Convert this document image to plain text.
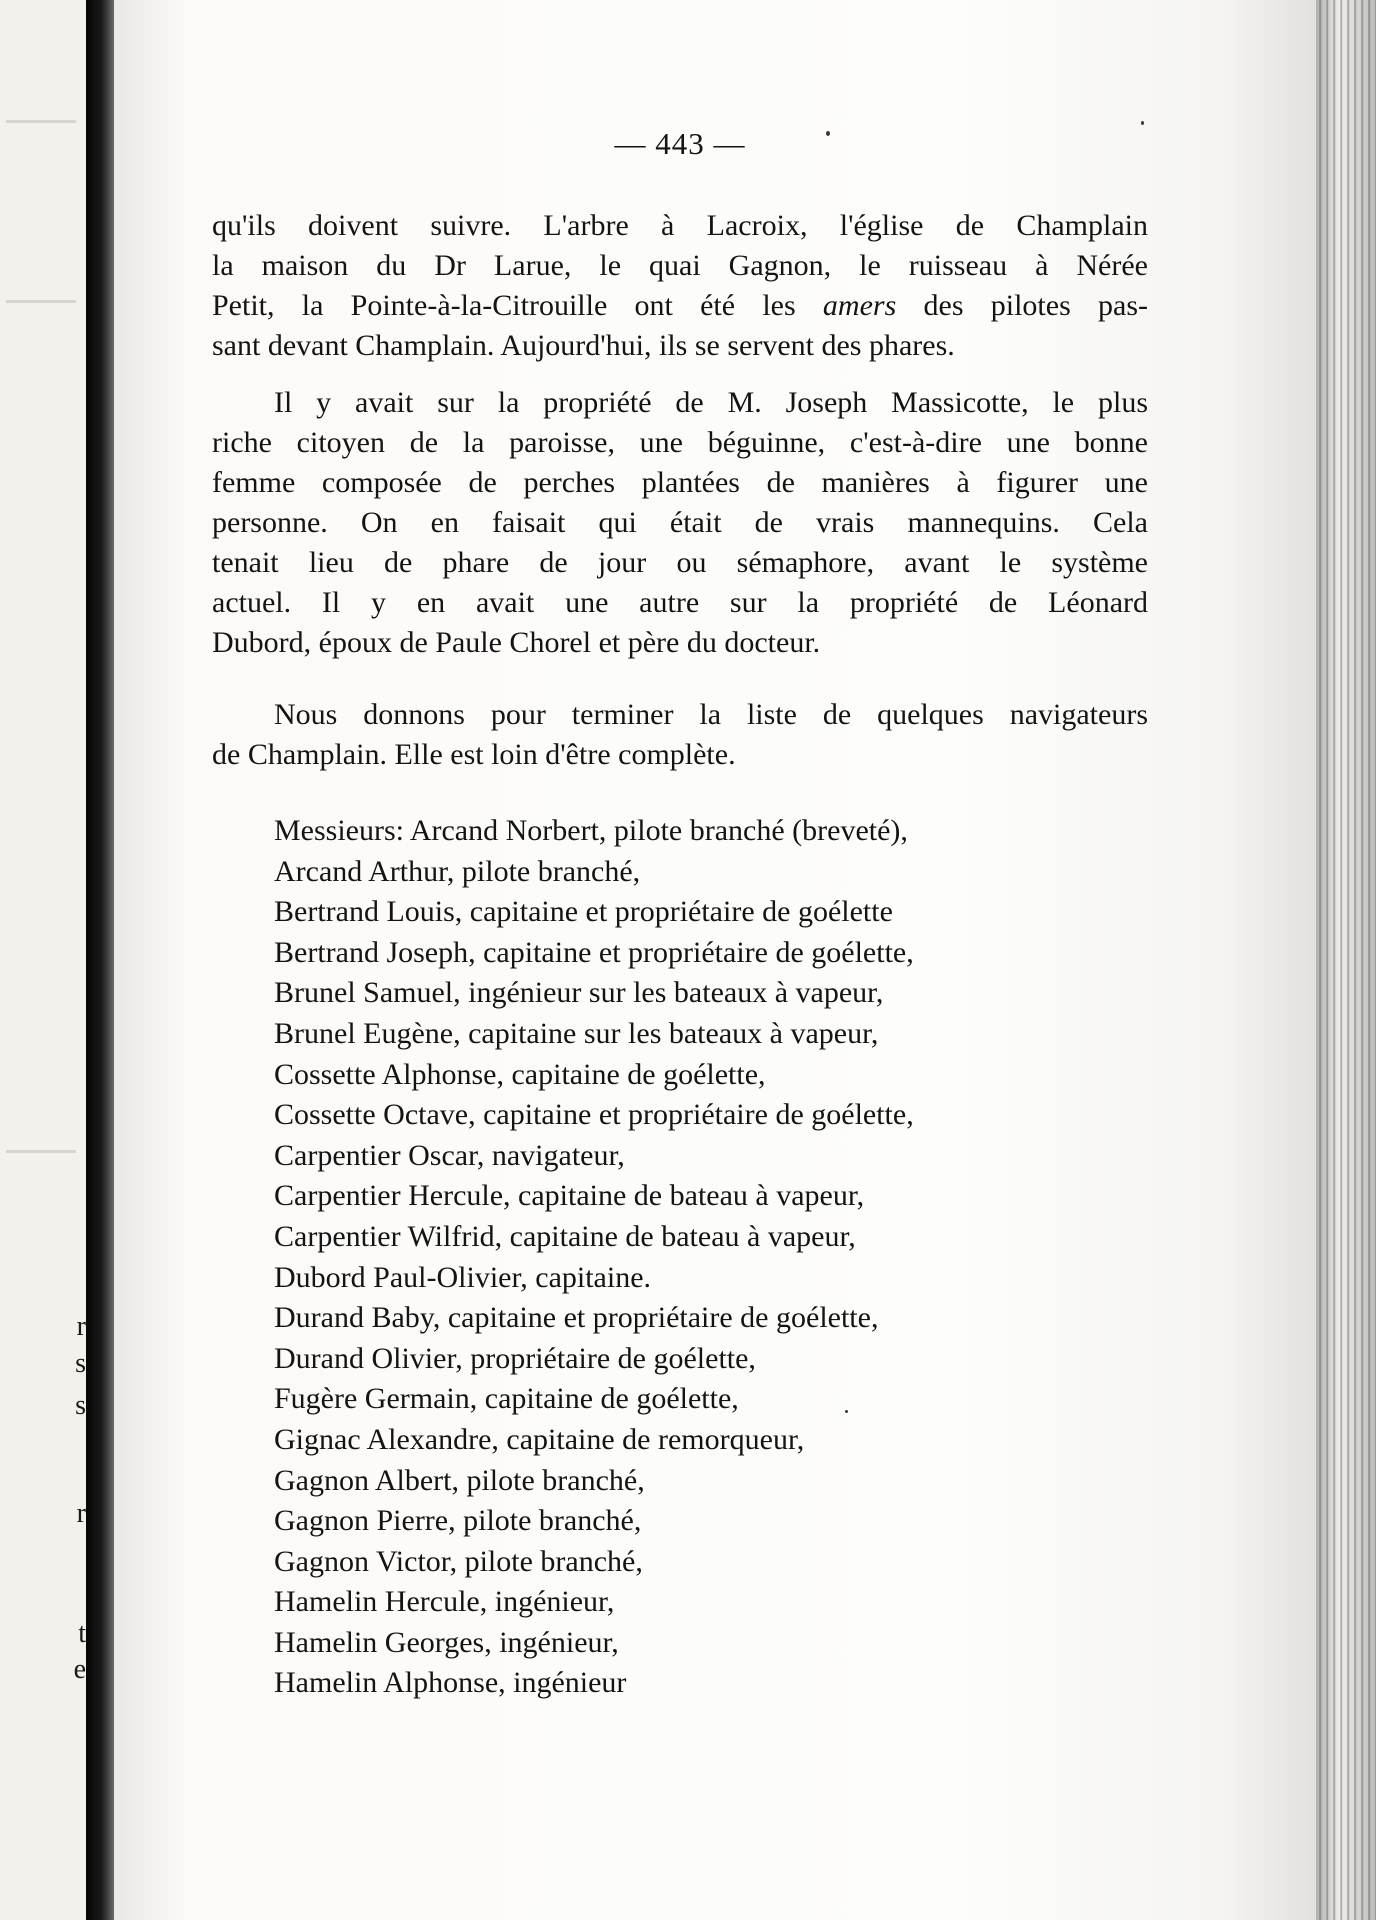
r
s
s
r
t
e
— 443 —

qu'ils doivent suivre. L'arbre à Lacroix, l'église de Champlain
la maison du Dr Larue, le quai Gagnon, le ruisseau à Nérée
Petit, la Pointe-à-la-Citrouille ont été les amers des pilotes pas-
sant devant Champlain. Aujourd'hui, ils se servent des phares.

Il y avait sur la propriété de M. Joseph Massicotte, le plus
riche citoyen de la paroisse, une béguinne, c'est-à-dire une bonne
femme composée de perches plantées de manières à figurer une
personne. On en faisait qui était de vrais mannequins. Cela
tenait lieu de phare de jour ou sémaphore, avant le système
actuel. Il y en avait une autre sur la propriété de Léonard
Dubord, époux de Paule Chorel et père du docteur.

Nous donnons pour terminer la liste de quelques navigateurs
de Champlain. Elle est loin d'être complète.

Messieurs: Arcand Norbert, pilote branché (breveté),
Arcand Arthur, pilote branché,
Bertrand Louis, capitaine et propriétaire de goélette
Bertrand Joseph, capitaine et propriétaire de goélette,
Brunel Samuel, ingénieur sur les bateaux à vapeur,
Brunel Eugène, capitaine sur les bateaux à vapeur,
Cossette Alphonse, capitaine de goélette,
Cossette Octave, capitaine et propriétaire de goélette,
Carpentier Oscar, navigateur,
Carpentier Hercule, capitaine de bateau à vapeur,
Carpentier Wilfrid, capitaine de bateau à vapeur,
Dubord Paul-Olivier, capitaine.
Durand Baby, capitaine et propriétaire de goélette,
Durand Olivier, propriétaire de goélette,
Fugère Germain, capitaine de goélette,
Gignac Alexandre, capitaine de remorqueur,
Gagnon Albert, pilote branché,
Gagnon Pierre, pilote branché,
Gagnon Victor, pilote branché,
Hamelin Hercule, ingénieur,
Hamelin Georges, ingénieur,
Hamelin Alphonse, ingénieur
